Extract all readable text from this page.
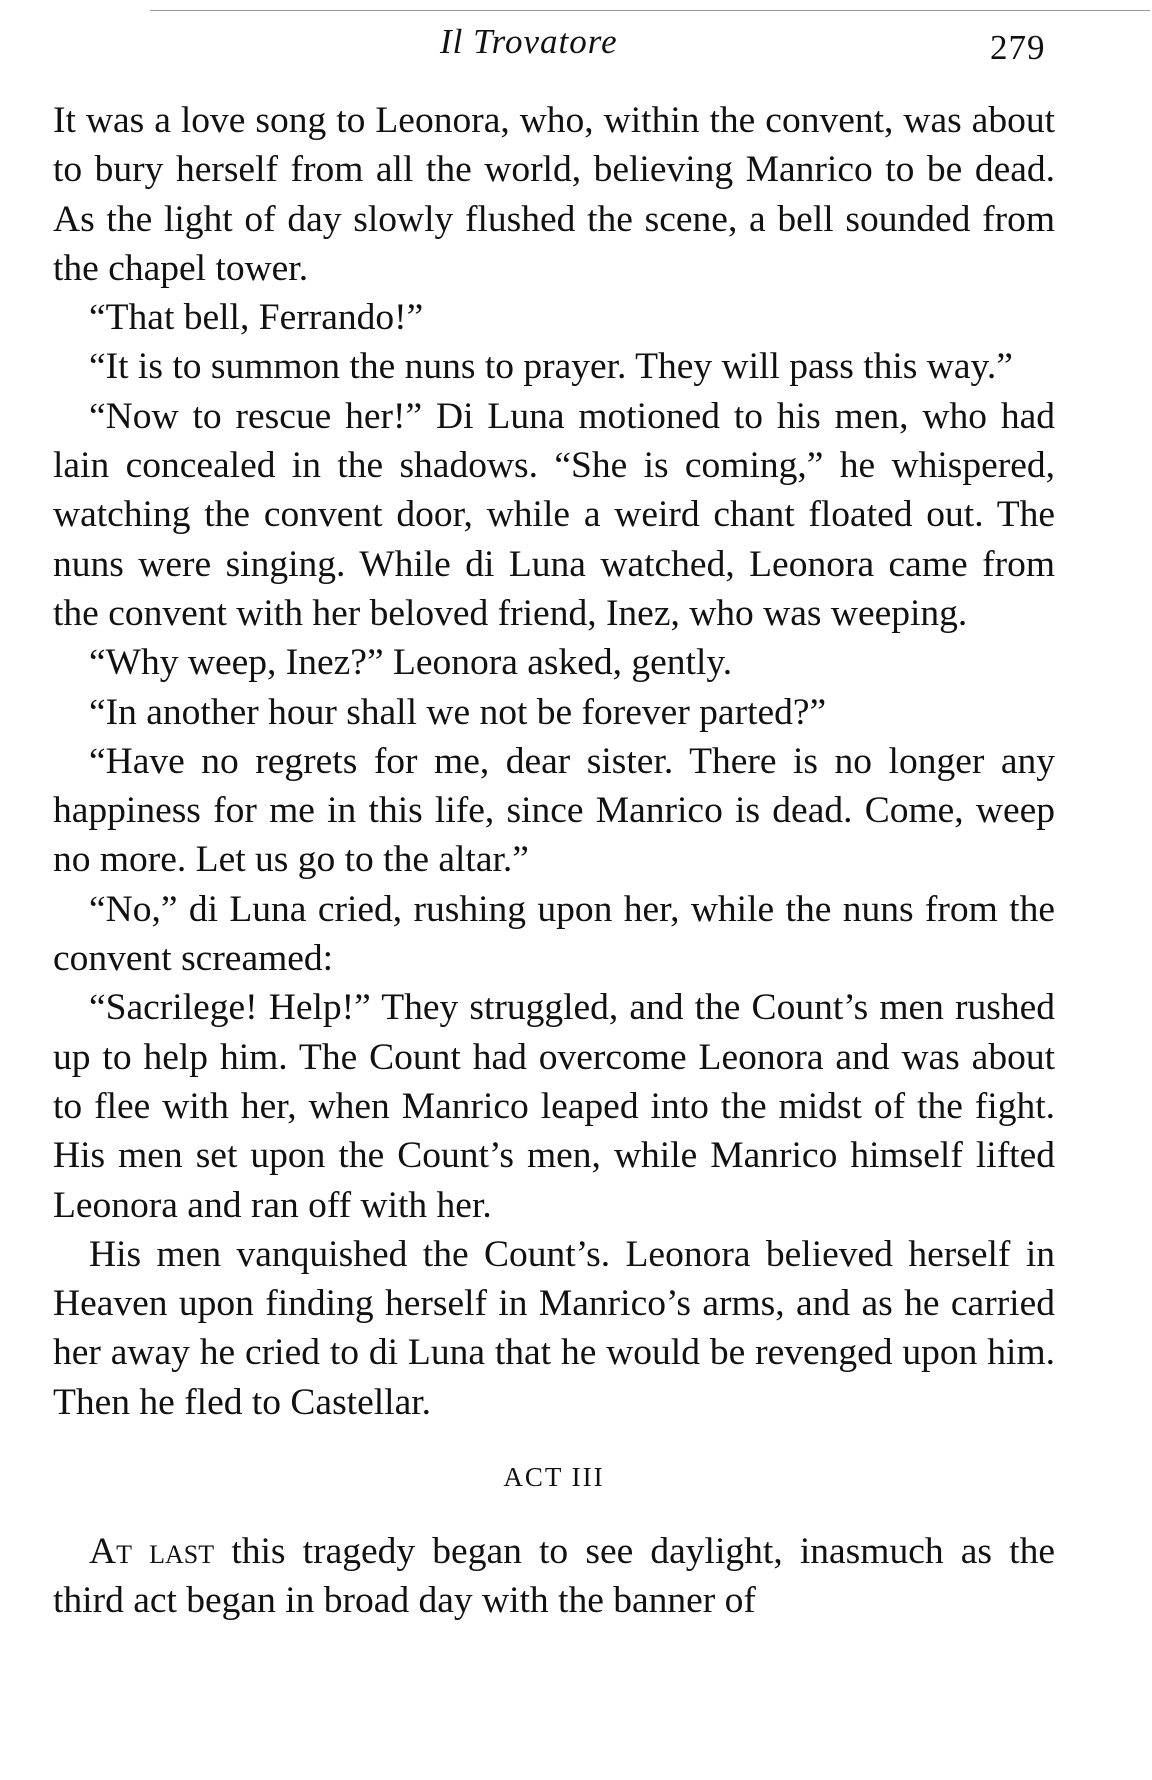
Il Trovatore	279

It was a love song to Leonora, who, within the convent, was about to bury herself from all the world, believing Manrico to be dead. As the light of day slowly flushed the scene, a bell sounded from the chapel tower.

“That bell, Ferrando!”

“It is to summon the nuns to prayer. They will pass this way.”

“Now to rescue her!” Di Luna motioned to his men, who had lain concealed in the shadows. “She is coming,” he whispered, watching the convent door, while a weird chant floated out. The nuns were singing. While di Luna watched, Leonora came from the convent with her beloved friend, Inez, who was weeping.

“Why weep, Inez?” Leonora asked, gently.

“In another hour shall we not be forever parted?”

“Have no regrets for me, dear sister. There is no longer any happiness for me in this life, since Manrico is dead. Come, weep no more. Let us go to the altar.”

“No,” di Luna cried, rushing upon her, while the nuns from the convent screamed:

“Sacrilege! Help!” They struggled, and the Count’s men rushed up to help him. The Count had overcome Leonora and was about to flee with her, when Manrico leaped into the midst of the fight. His men set upon the Count’s men, while Manrico himself lifted Leonora and ran off with her.

His men vanquished the Count’s. Leonora believed herself in Heaven upon finding herself in Manrico’s arms, and as he carried her away he cried to di Luna that he would be revenged upon him. Then he fled to Castellar.

ACT III

At last this tragedy began to see daylight, inasmuch as the third act began in broad day with the banner of
